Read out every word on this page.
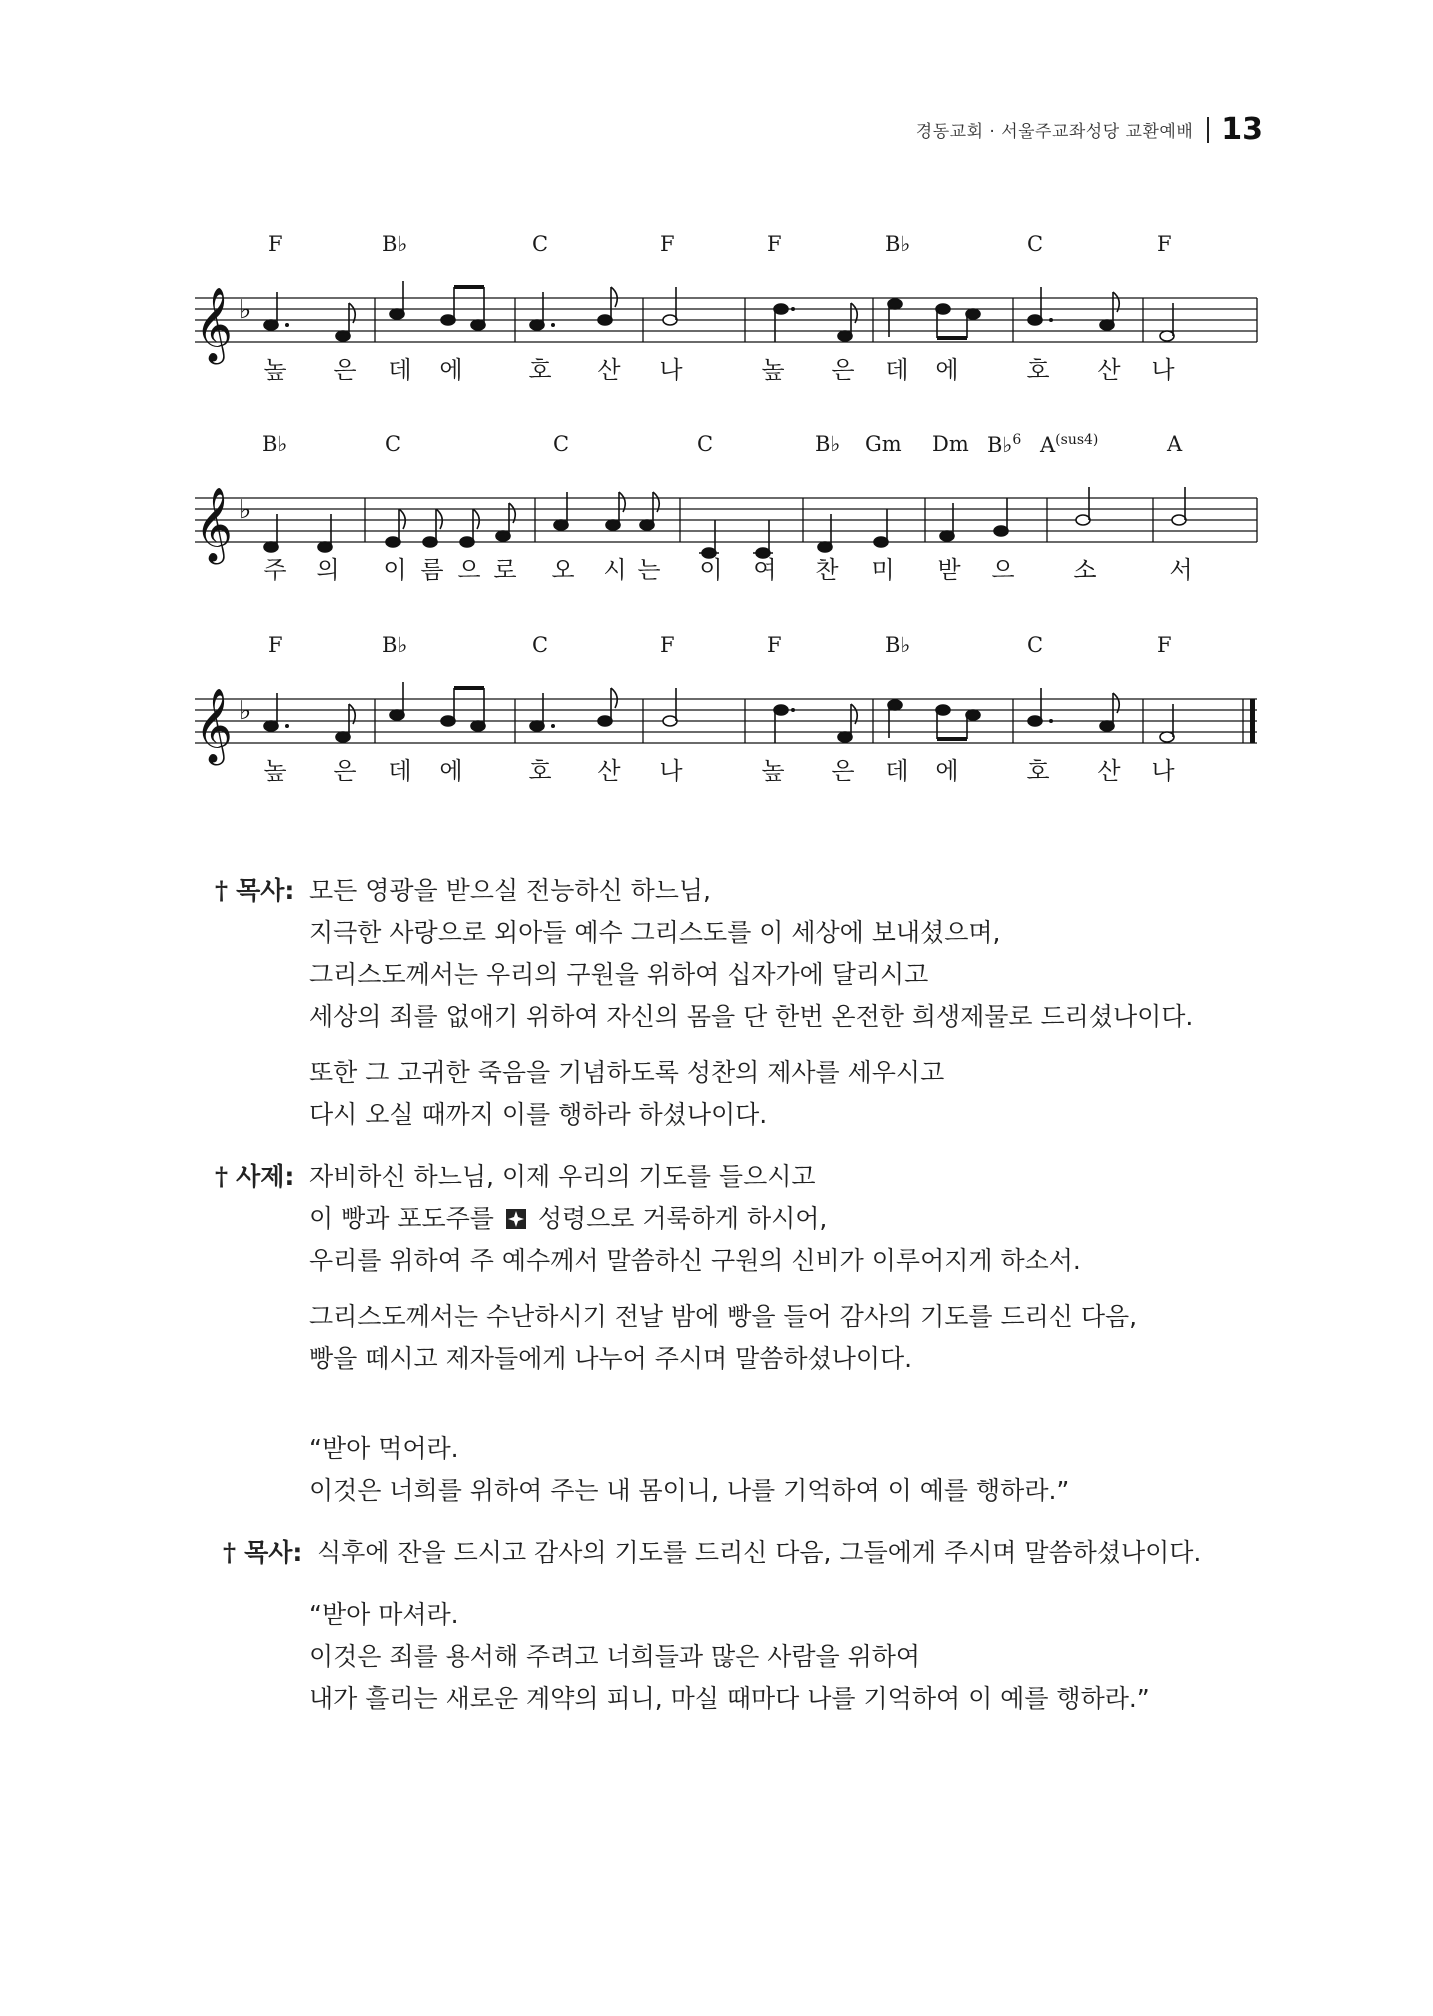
경동교회 · 서울주교좌성당 교환예배 13
F	B♭	C	F	F	B♭	C	F
𝄞 ♭
높 은 데 에	호 산 나	높 은 데 에	호 산 나
B♭	C	C	C	B♭ Gm Dm B♭$^6$ $A^{(sus4)}$	A
𝄞 ♭
주 의 이 름 으 로 오 시 는 이 여 찬 미 받 으 소	서
F	B♭	C	F	F	B♭	C	F
𝄞 ♭
높 은 데 에	호 산 나	높 은 데 에	호 산 나
† 목사: 모든 영광을 받으실 전능하신 하느님,
지극한 사랑으로 외아들 예수 그리스도를 이 세상에 보내셨으며,
그리스도께서는 우리의 구원을 위하여 십자가에 달리시고
세상의 죄를 없애기 위하여 자신의 몸을 단 한번 온전한 희생제물로 드리셨나이다.
또한 그 고귀한 죽음을 기념하도록 성찬의 제사를 세우시고
다시 오실 때까지 이를 행하라 하셨나이다.
† 사제: 자비하신 하느님, 이제 우리의 기도를 들으시고
이 빵과 포도주를 성령으로 거룩하게 하시어,
우리를 위하여 주 예수께서 말씀하신 구원의 신비가 이루어지게 하소서.
그리스도께서는 수난하시기 전날 밤에 빵을 들어 감사의 기도를 드리신 다음,
빵을 떼시고 제자들에게 나누어 주시며 말씀하셨나이다.
“받아 먹어라.
이것은 너희를 위하여 주는 내 몸이니, 나를 기억하여 이 예를 행하라.”
† 목사: 식후에 잔을 드시고 감사의 기도를 드리신 다음, 그들에게 주시며 말씀하셨나이다.
“받아 마셔라.
이것은 죄를 용서해 주려고 너희들과 많은 사람을 위하여
내가 흘리는 새로운 계약의 피니, 마실 때마다 나를 기억하여 이 예를 행하라.”
